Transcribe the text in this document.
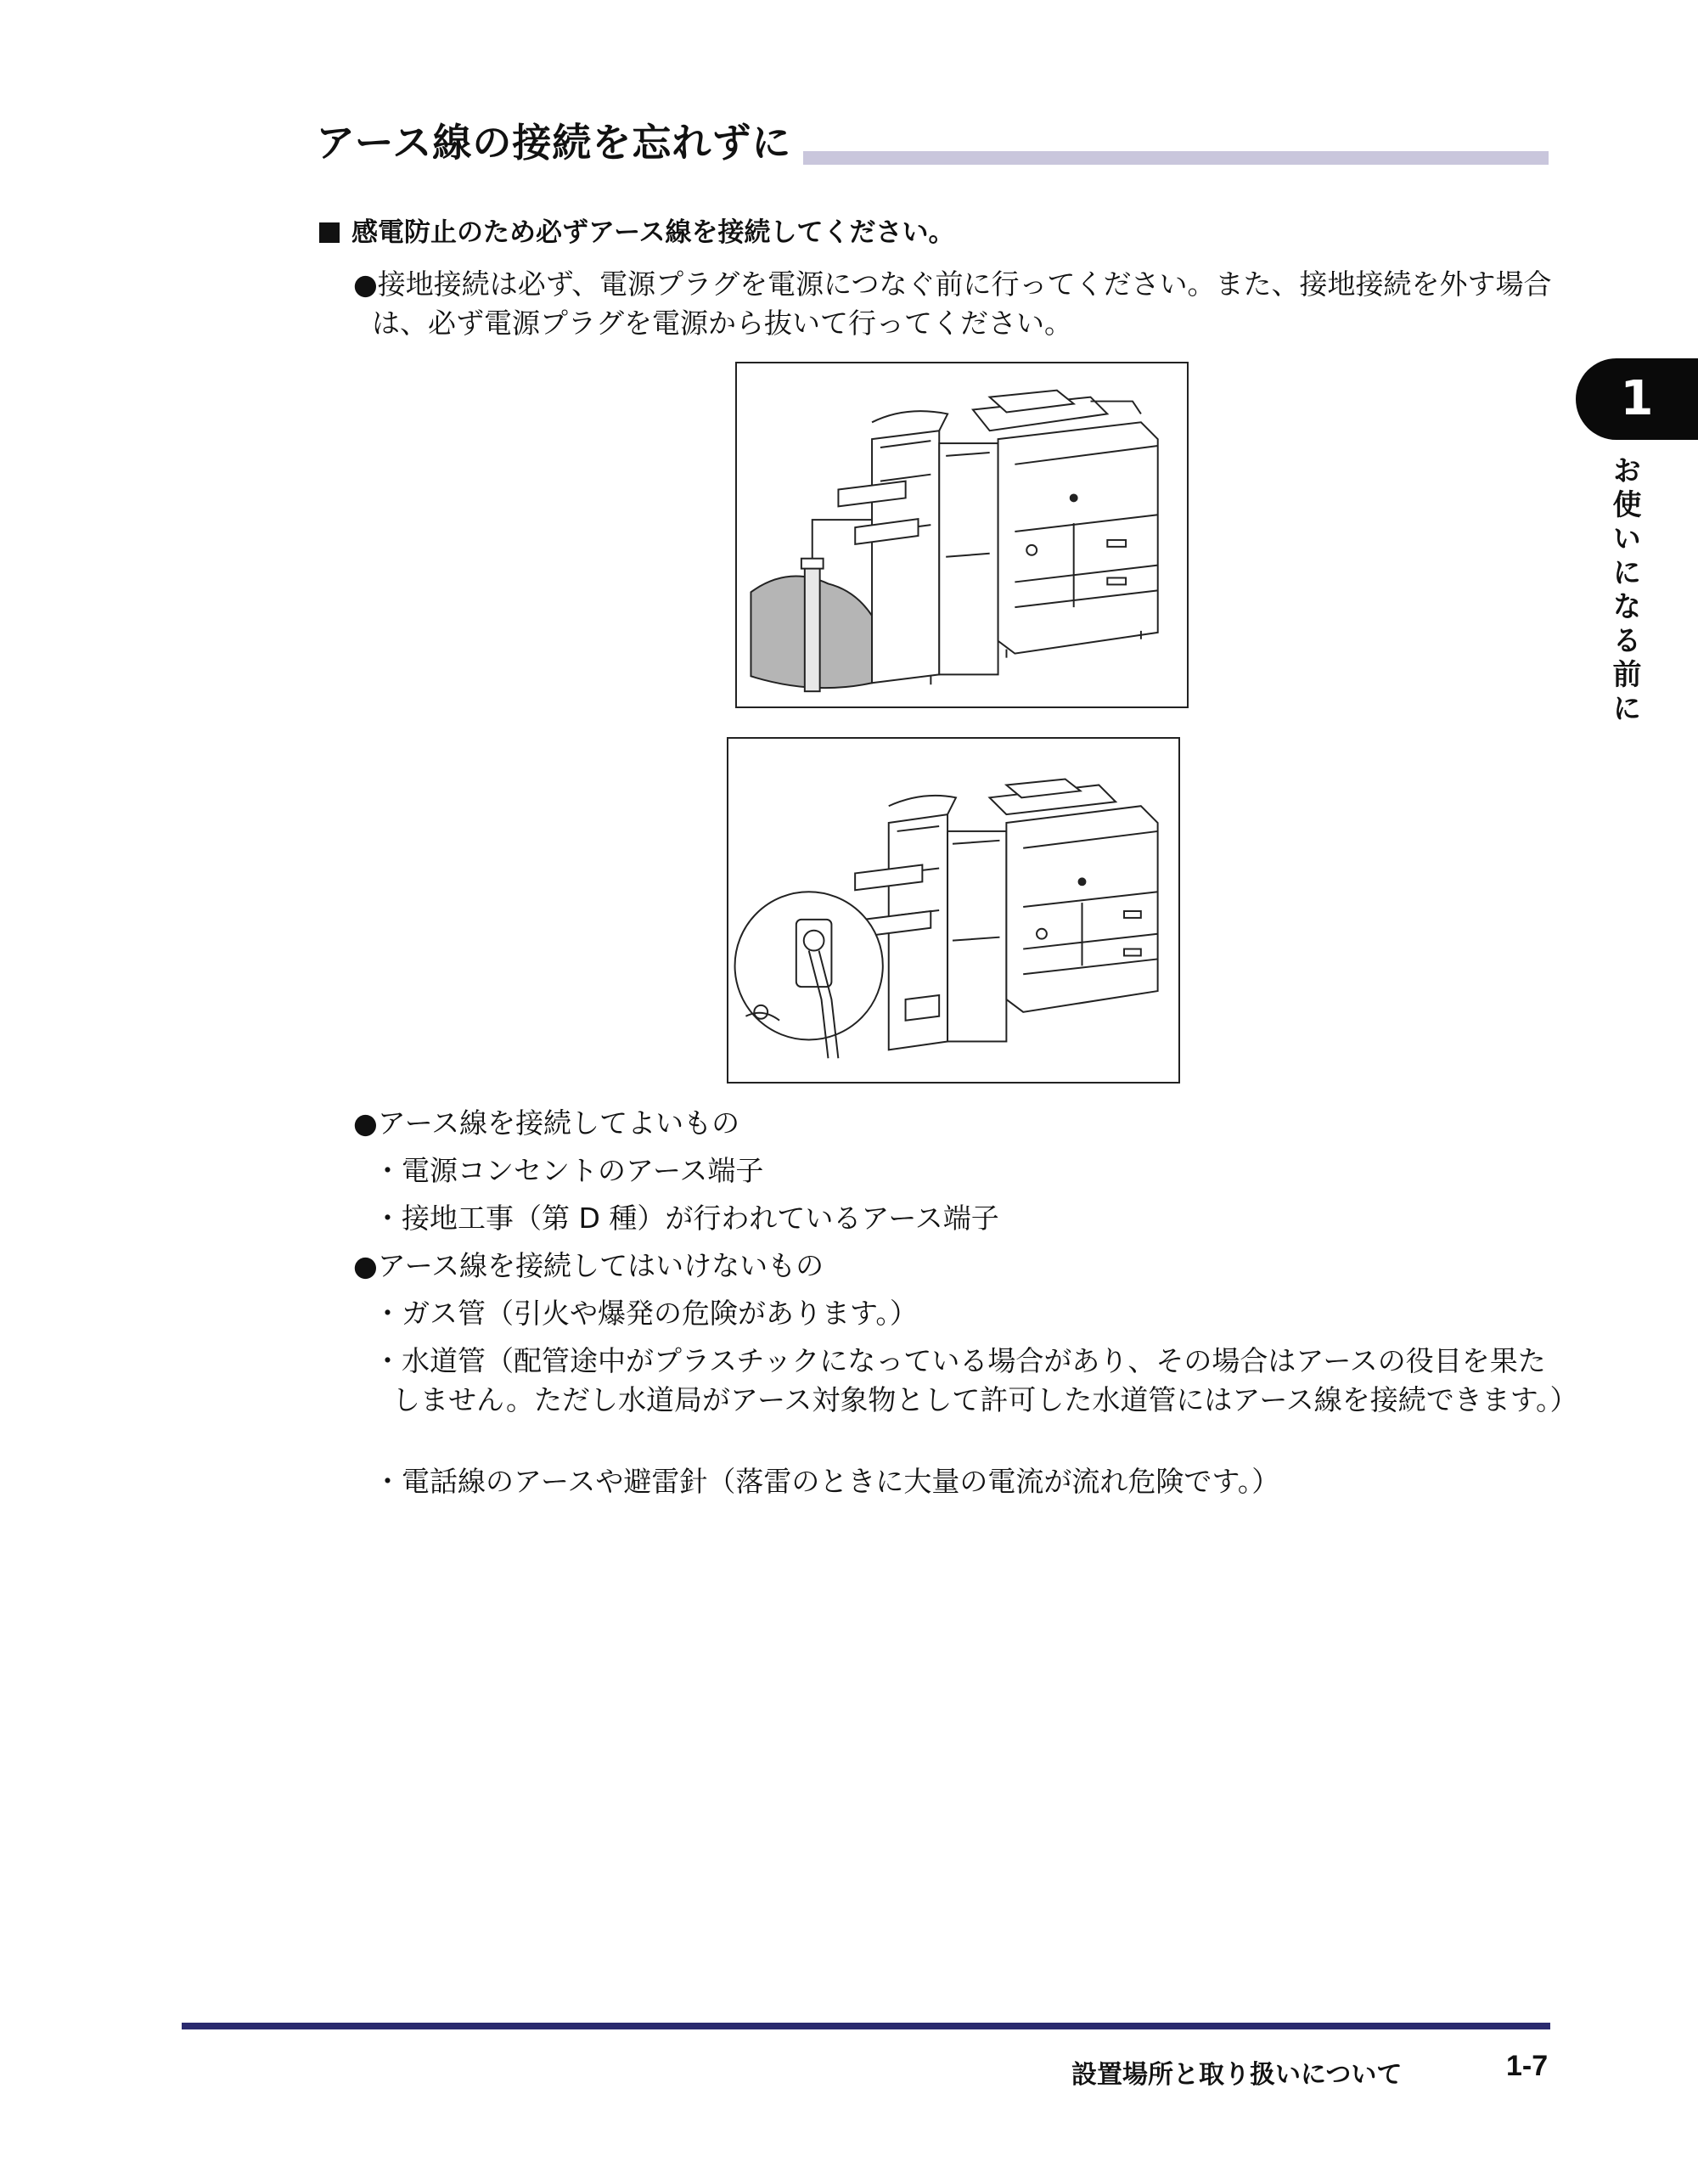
アース線の接続を忘れずに

感電防止のため必ずアース線を接続してください。

●接地接続は必ず、電源プラグを電源につなぐ前に行ってください。また、接地接続を外す場合は、必ず電源プラグを電源から抜いて行ってください。

●アース線を接続してよいもの

・電源コンセントのアース端子

・接地工事（第 D 種）が行われているアース端子

●アース線を接続してはいけないもの

・ガス管（引火や爆発の危険があります。）

・水道管（配管途中がプラスチックになっている場合があり、その場合はアースの役目を果たしません。ただし水道局がアース対象物として許可した水道管にはアース線を接続できます。）

・電話線のアースや避雷針（落雷のときに大量の電流が流れ危険です。）

1
お使いになる前に
設置場所と取り扱いについて	1-7
